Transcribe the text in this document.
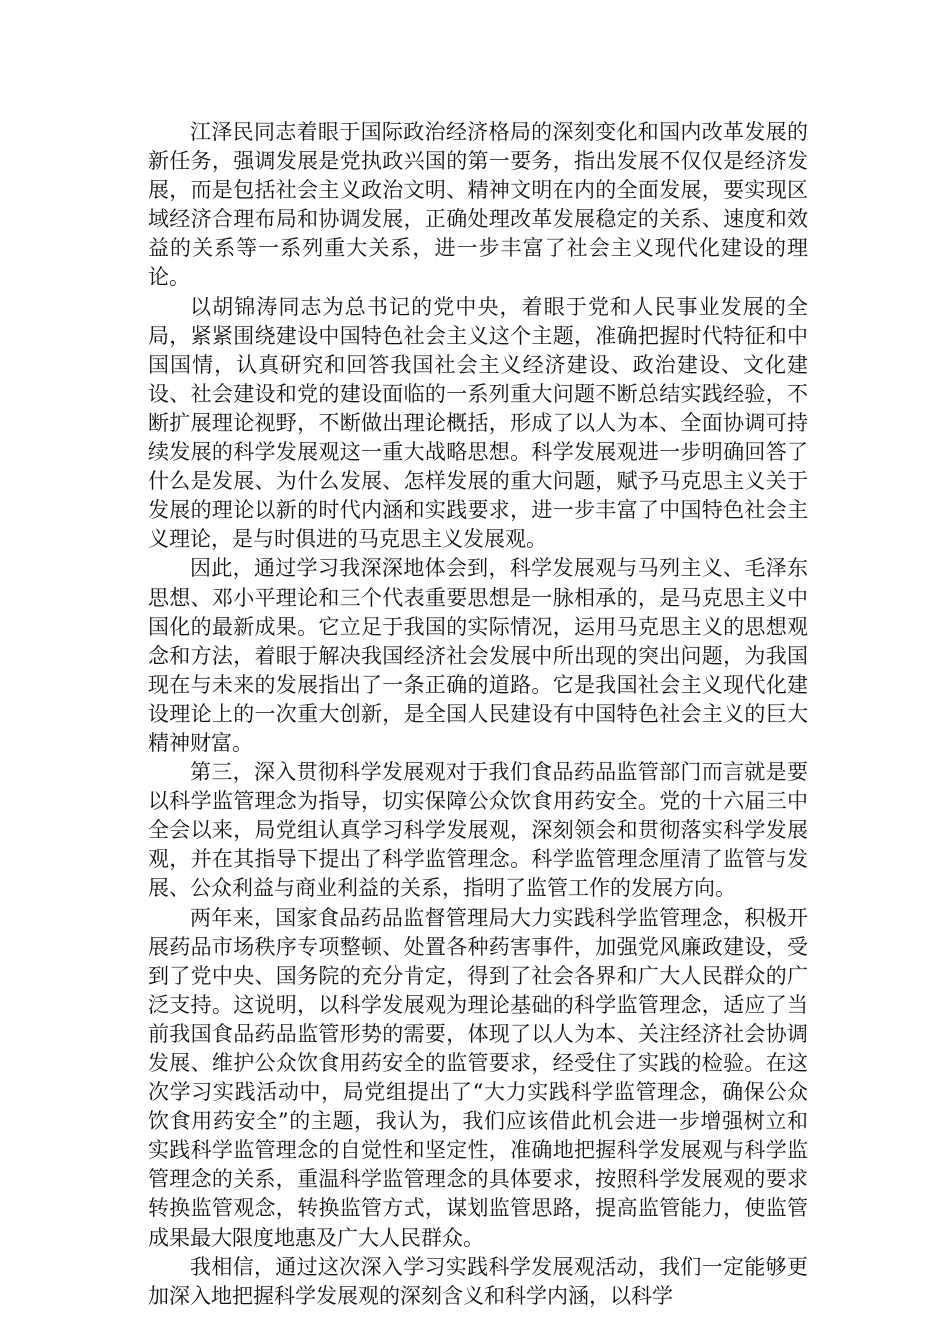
江泽民同志着眼于国际政治经济格局的深刻变化和国内改革发展的新任务，强调发展是党执政兴国的第一要务，指出发展不仅仅是经济发展，而是包括社会主义政治文明、精神文明在内的全面发展，要实现区域经济合理布局和协调发展，正确处理改革发展稳定的关系、速度和效益的关系等一系列重大关系，进一步丰富了社会主义现代化建设的理论。

以胡锦涛同志为总书记的党中央，着眼于党和人民事业发展的全局，紧紧围绕建设中国特色社会主义这个主题，准确把握时代特征和中国国情，认真研究和回答我国社会主义经济建设、政治建设、文化建设、社会建设和党的建设面临的一系列重大问题不断总结实践经验，不断扩展理论视野，不断做出理论概括，形成了以人为本、全面协调可持续发展的科学发展观这一重大战略思想。科学发展观进一步明确回答了什么是发展、为什么发展、怎样发展的重大问题，赋予马克思主义关于发展的理论以新的时代内涵和实践要求，进一步丰富了中国特色社会主义理论，是与时俱进的马克思主义发展观。

因此，通过学习我深深地体会到，科学发展观与马列主义、毛泽东思想、邓小平理论和三个代表重要思想是一脉相承的，是马克思主义中国化的最新成果。它立足于我国的实际情况，运用马克思主义的思想观念和方法，着眼于解决我国经济社会发展中所出现的突出问题，为我国现在与未来的发展指出了一条正确的道路。它是我国社会主义现代化建设理论上的一次重大创新，是全国人民建设有中国特色社会主义的巨大精神财富。

第三，深入贯彻科学发展观对于我们食品药品监管部门而言就是要以科学监管理念为指导，切实保障公众饮食用药安全。党的十六届三中全会以来，局党组认真学习科学发展观，深刻领会和贯彻落实科学发展观，并在其指导下提出了科学监管理念。科学监管理念厘清了监管与发展、公众利益与商业利益的关系，指明了监管工作的发展方向。

两年来，国家食品药品监督管理局大力实践科学监管理念，积极开展药品市场秩序专项整顿、处置各种药害事件，加强党风廉政建设，受到了党中央、国务院的充分肯定，得到了社会各界和广大人民群众的广泛支持。这说明，以科学发展观为理论基础的科学监管理念，适应了当前我国食品药品监管形势的需要，体现了以人为本、关注经济社会协调发展、维护公众饮食用药安全的监管要求，经受住了实践的检验。在这次学习实践活动中，局党组提出了“大力实践科学监管理念，确保公众饮食用药安全”的主题，我认为，我们应该借此机会进一步增强树立和实践科学监管理念的自觉性和坚定性，准确地把握科学发展观与科学监管理念的关系，重温科学监管理念的具体要求，按照科学发展观的要求转换监管观念，转换监管方式，谋划监管思路，提高监管能力，使监管成果最大限度地惠及广大人民群众。

我相信，通过这次深入学习实践科学发展观活动，我们一定能够更加深入地把握科学发展观的深刻含义和科学内涵，以科学
